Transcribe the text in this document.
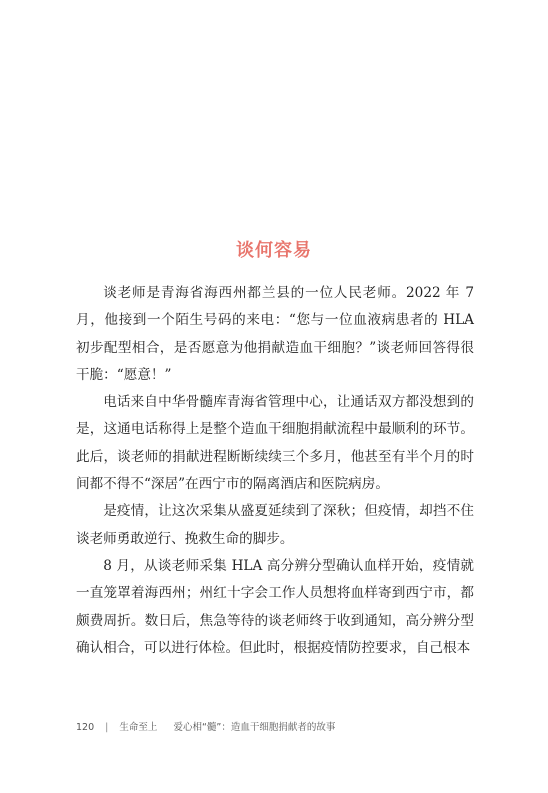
谈何容易

谈老师是青海省海西州都兰县的一位人民老师。2022 年 7 月，他接到一个陌生号码的来电：“您与一位血液病患者的 HLA 初步配型相合，是否愿意为他捐献造血干细胞？”谈老师回答得很干脆：“愿意！”

电话来自中华骨髓库青海省管理中心，让通话双方都没想到的是，这通电话称得上是整个造血干细胞捐献流程中最顺利的环节。此后，谈老师的捐献进程断断续续三个多月，他甚至有半个月的时间都不得不“深居”在西宁市的隔离酒店和医院病房。

是疫情，让这次采集从盛夏延续到了深秋；但疫情，却挡不住谈老师勇敢逆行、挽救生命的脚步。

8 月，从谈老师采集 HLA 高分辨分型确认血样开始，疫情就一直笼罩着海西州；州红十字会工作人员想将血样寄到西宁市，都颇费周折。数日后，焦急等待的谈老师终于收到通知，高分辨分型确认相合，可以进行体检。但此时，根据疫情防控要求，自己根本

120 | 生命至上 爱心相“髓”：造血干细胞捐献者的故事
